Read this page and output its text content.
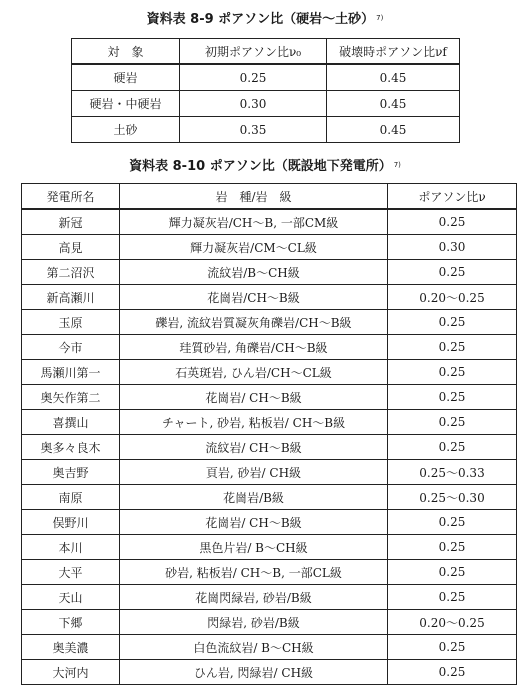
資料表 8-9 ポアソン比（硬岩～土砂） $^{7)}$
対　象	初期ポアソン比ν₀	破壊時ポアソン比νf
硬岩	0.25	0.45
硬岩・中硬岩	0.30	0.45
土砂	0.35	0.45
資料表 8-10 ポアソン比（既設地下発電所） $^{7)}$
発電所名	岩　種/岩　級	ポアソン比ν
新冠	輝力凝灰岩/CH～B, 一部CM級	0.25
高見	輝力凝灰岩/CM～CL級	0.30
第二沼沢	流紋岩/B～CH級	0.25
新高瀬川	花崗岩/CH～B級	0.20～0.25
玉原	礫岩, 流紋岩質凝灰角礫岩/CH～B級	0.25
今市	珪質砂岩, 角礫岩/CH～B級	0.25
馬瀬川第一	石英斑岩, ひん岩/CH～CL級	0.25
奥矢作第二	花崗岩/ CH～B級	0.25
喜撰山	チャート, 砂岩, 粘板岩/ CH～B級	0.25
奥多々良木	流紋岩/ CH～B級	0.25
奥吉野	頁岩, 砂岩/ CH級	0.25～0.33
南原	花崗岩/B級	0.25～0.30
俣野川	花崗岩/ CH～B級	0.25
本川	黒色片岩/ B～CH級	0.25
大平	砂岩, 粘板岩/ CH～B, 一部CL級	0.25
天山	花崗閃緑岩, 砂岩/B級	0.25
下郷	閃緑岩, 砂岩/B級	0.20～0.25
奥美濃	白色流紋岩/ B～CH級	0.25
大河内	ひん岩, 閃緑岩/ CH級	0.25
